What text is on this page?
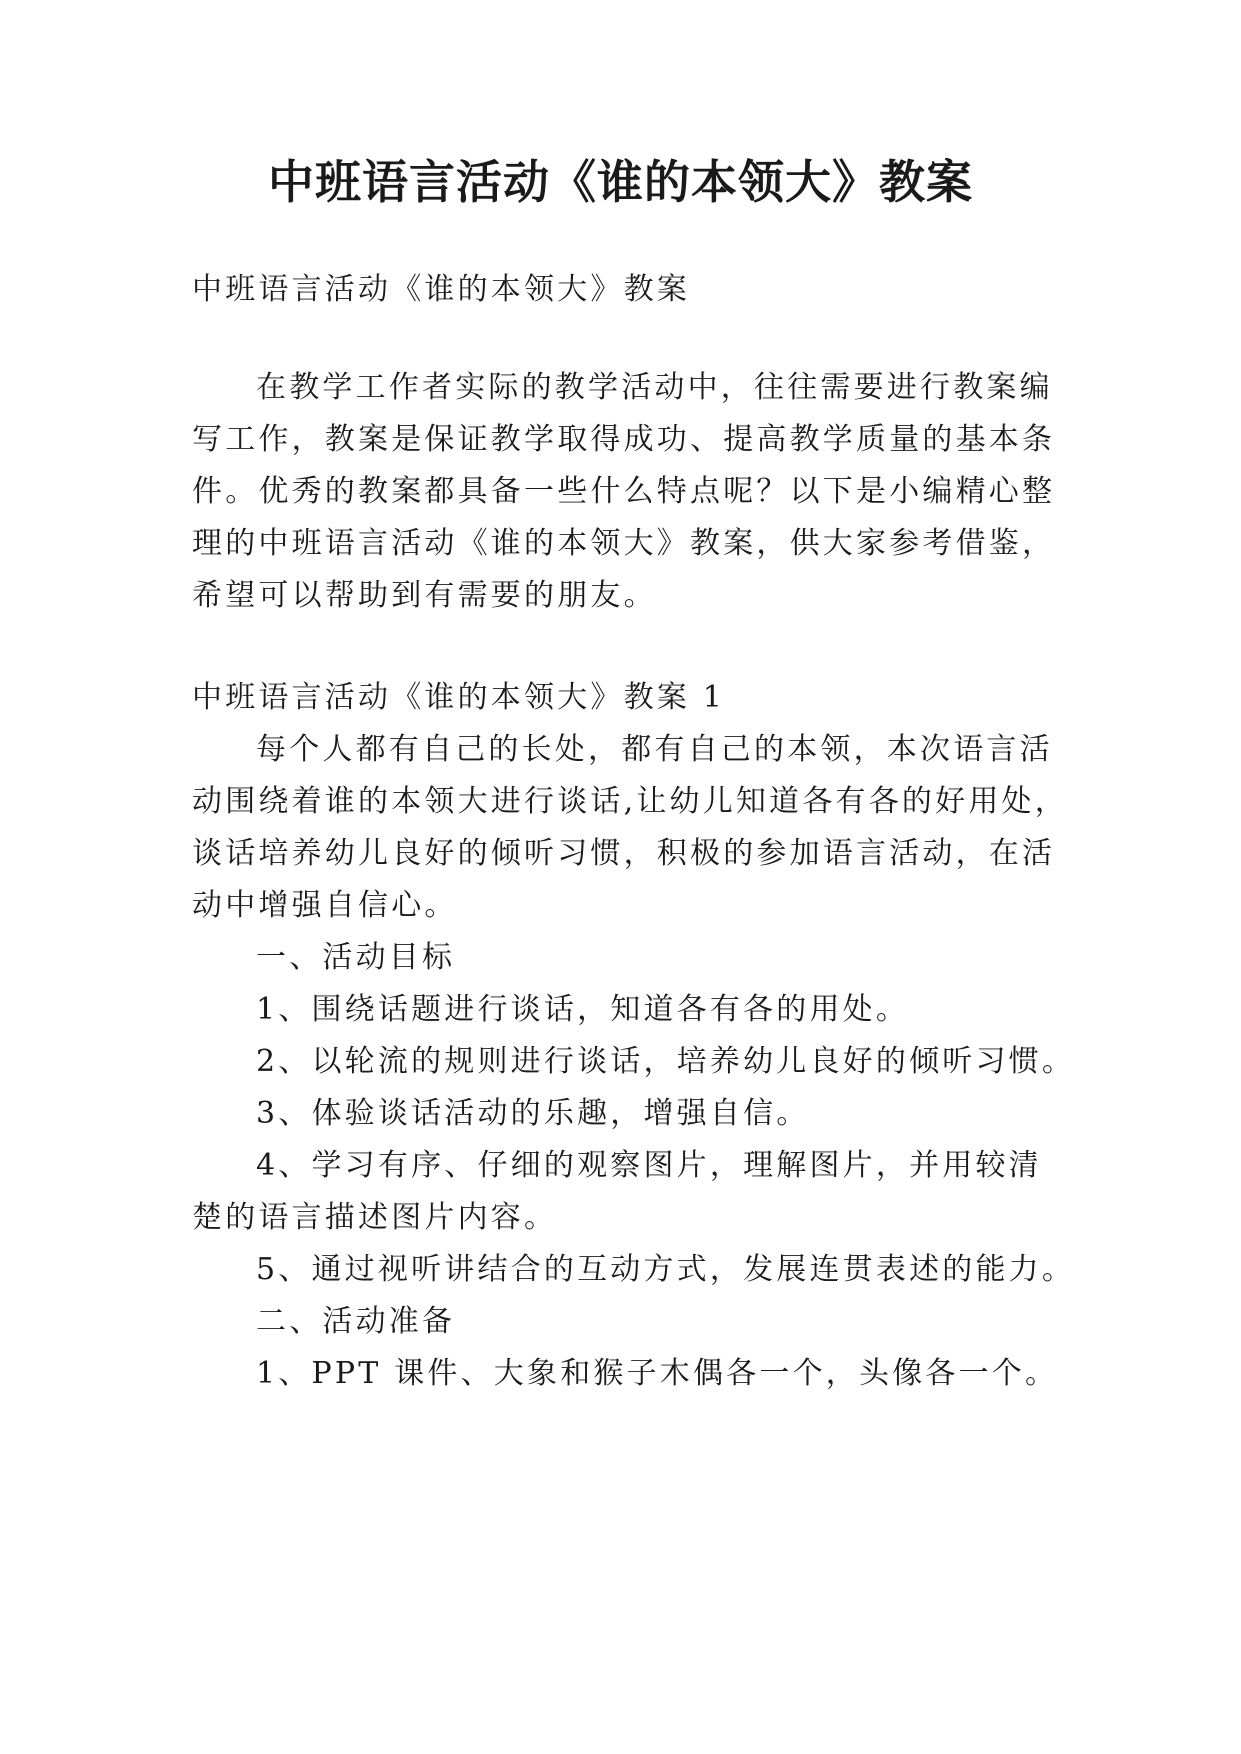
中班语言活动《谁的本领大》教案
中班语言活动《谁的本领大》教案
在教学工作者实际的教学活动中，往往需要进行教案编
写工作，教案是保证教学取得成功、提高教学质量的基本条
件。优秀的教案都具备一些什么特点呢？以下是小编精心整
理的中班语言活动《谁的本领大》教案，供大家参考借鉴，
希望可以帮助到有需要的朋友。
中班语言活动《谁的本领大》教案 1
每个人都有自己的长处，都有自己的本领，本次语言活
动围绕着谁的本领大进行谈话,让幼儿知道各有各的好用处，
谈话培养幼儿良好的倾听习惯，积极的参加语言活动，在活
动中增强自信心。
一、活动目标
1、围绕话题进行谈话，知道各有各的用处。
2、以轮流的规则进行谈话，培养幼儿良好的倾听习惯。
3、体验谈话活动的乐趣，增强自信。
4、学习有序、仔细的观察图片，理解图片，并用较清
楚的语言描述图片内容。
5、通过视听讲结合的互动方式，发展连贯表述的能力。
二、活动准备
1、PPT 课件、大象和猴子木偶各一个，头像各一个。
